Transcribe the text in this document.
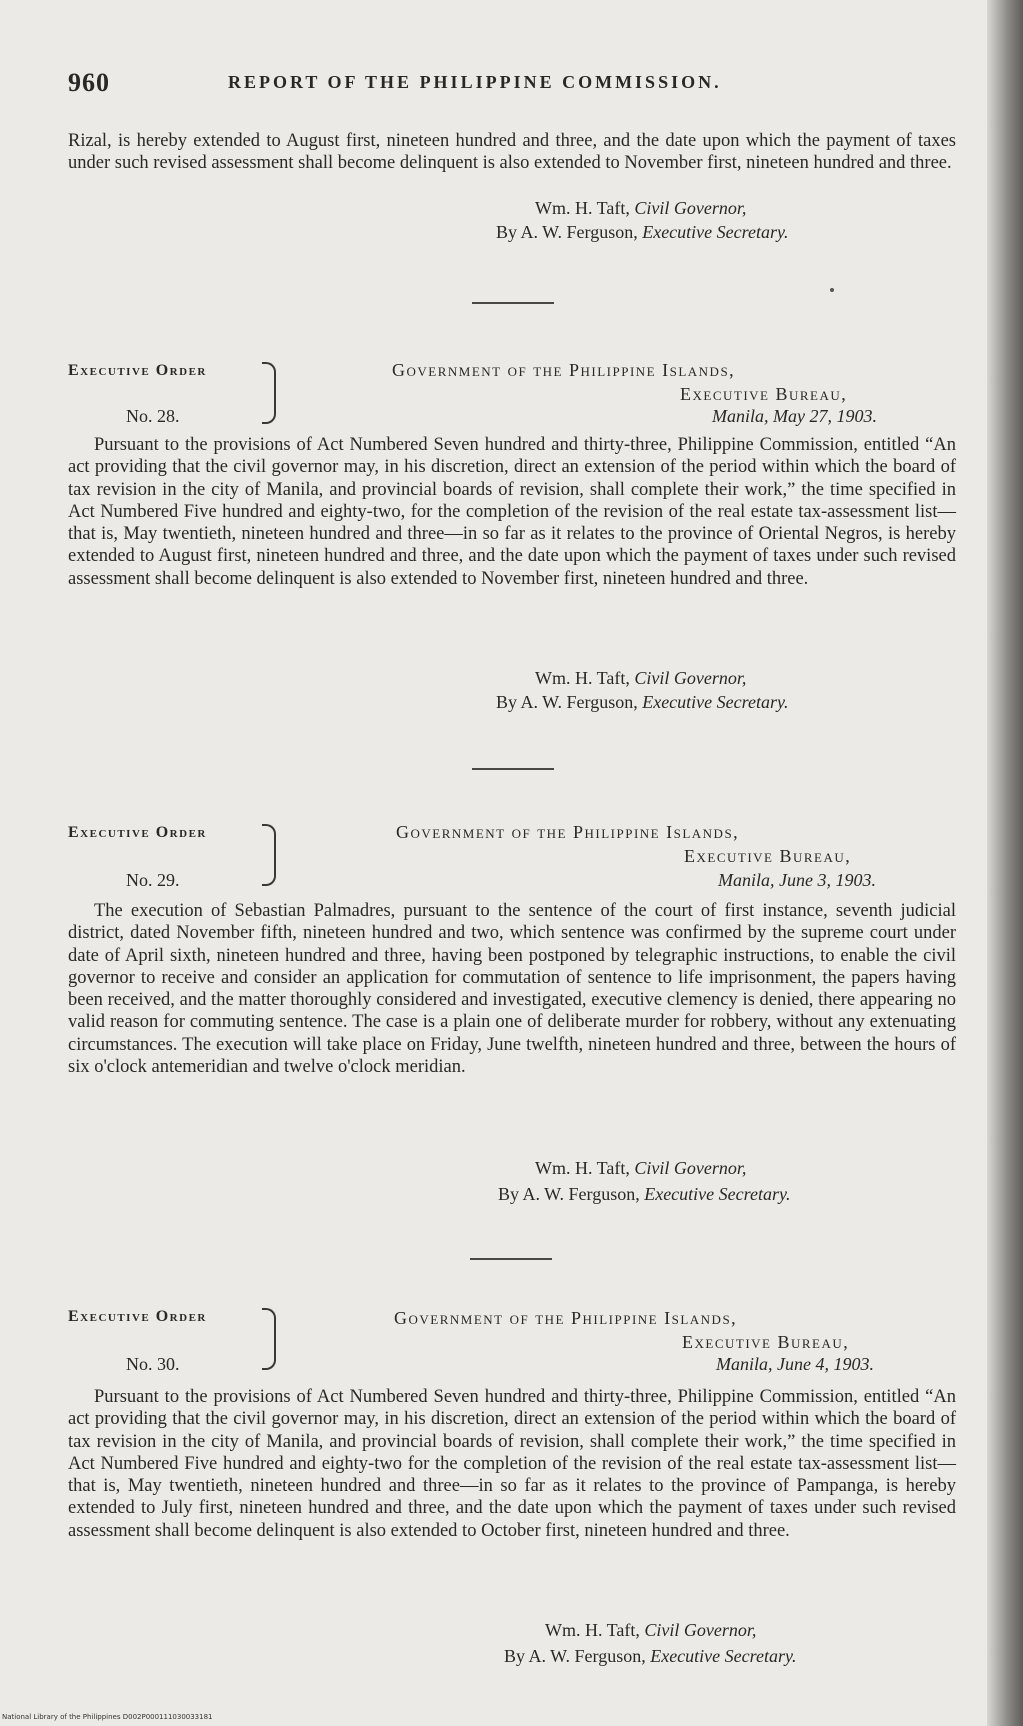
960	REPORT OF THE PHILIPPINE COMMISSION.
Rizal, is hereby extended to August first, nineteen hundred and three, and the date upon which the payment of taxes under such revised assessment shall become delinquent is also extended to November first, nineteen hundred and three.
Wm. H. Taft, Civil Governor,
By A. W. Ferguson, Executive Secretary.
Executive Order
No. 28.
Government of the Philippine Islands,
Executive Bureau,
Manila, May 27, 1903.
Pursuant to the provisions of Act Numbered Seven hundred and thirty-three, Philippine Commission, entitled “An act providing that the civil governor may, in his discretion, direct an extension of the period within which the board of tax revision in the city of Manila, and provincial boards of revision, shall complete their work,” the time specified in Act Numbered Five hundred and eighty-two, for the completion of the revision of the real estate tax-assessment list—that is, May twentieth, nineteen hundred and three—in so far as it relates to the province of Oriental Negros, is hereby extended to August first, nineteen hundred and three, and the date upon which the payment of taxes under such revised assessment shall become delinquent is also extended to November first, nineteen hundred and three.
Wm. H. Taft, Civil Governor,
By A. W. Ferguson, Executive Secretary.
Executive Order
No. 29.
Government of the Philippine Islands,
Executive Bureau,
Manila, June 3, 1903.
The execution of Sebastian Palmadres, pursuant to the sentence of the court of first instance, seventh judicial district, dated November fifth, nineteen hundred and two, which sentence was confirmed by the supreme court under date of April sixth, nineteen hundred and three, having been postponed by telegraphic instructions, to enable the civil governor to receive and consider an application for commutation of sentence to life imprisonment, the papers having been received, and the matter thoroughly considered and investigated, executive clemency is denied, there appearing no valid reason for commuting sentence. The case is a plain one of deliberate murder for robbery, without any extenuating circumstances. The execution will take place on Friday, June twelfth, nineteen hundred and three, between the hours of six o'clock antemeridian and twelve o'clock meridian.
Wm. H. Taft, Civil Governor,
By A. W. Ferguson, Executive Secretary.
Executive Order
No. 30.
Government of the Philippine Islands,
Executive Bureau,
Manila, June 4, 1903.
Pursuant to the provisions of Act Numbered Seven hundred and thirty-three, Philippine Commission, entitled “An act providing that the civil governor may, in his discretion, direct an extension of the period within which the board of tax revision in the city of Manila, and provincial boards of revision, shall complete their work,” the time specified in Act Numbered Five hundred and eighty-two for the completion of the revision of the real estate tax-assessment list—that is, May twentieth, nineteen hundred and three—in so far as it relates to the province of Pampanga, is hereby extended to July first, nineteen hundred and three, and the date upon which the payment of taxes under such revised assessment shall become delinquent is also extended to October first, nineteen hundred and three.
Wm. H. Taft, Civil Governor,
By A. W. Ferguson, Executive Secretary.
National Library of the Philippines D002P000111030033181
